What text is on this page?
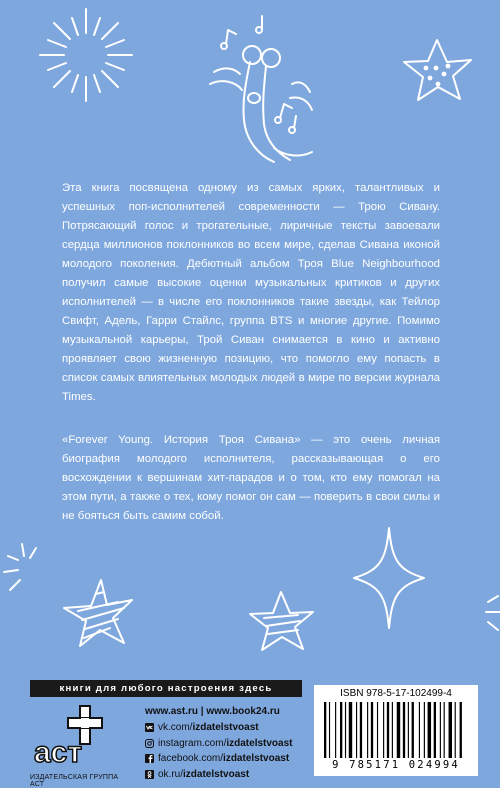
Эта книга посвящена одному из самых ярких, талантливых и успешных поп-исполнителей современности — Трою Сивану. Потрясающий голос и трогательные, лиричные тексты завоевали сердца миллионов поклонников во всем мире, сделав Сивана иконой молодого поколения. Дебютный альбом Троя Blue Neighbourhood получил самые высокие оценки музыкальных критиков и других исполнителей — в числе его поклонников такие звезды, как Тейлор Свифт, Адель, Гарри Стайлс, группа BTS и многие другие. Помимо музыкальной карьеры, Трой Сиван снимается в кино и активно проявляет свою жизненную позицию, что помогло ему попасть в список самых влиятельных молодых людей в мире по версии журнала Times.

«Forever Young. История Троя Сивана» — это очень личная биография молодого исполнителя, рассказывающая о его восхождении к вершинам хит-парадов и о том, кто ему помогал на этом пути, а также о тех, кому помог он сам — поверить в свои силы и не бояться быть самим собой.

книги для любого настроения здесь
аст
ИЗДАТЕЛЬСКАЯ ГРУППА АСТ
www.ast.ru | www.book24.ru
vk.com/izdatelstvoast
instagram.com/izdatelstvoast
facebook.com/izdatelstvoast
ok.ru/izdatelstvoast
ISBN 978-5-17-102499-4
9 785171 024994
